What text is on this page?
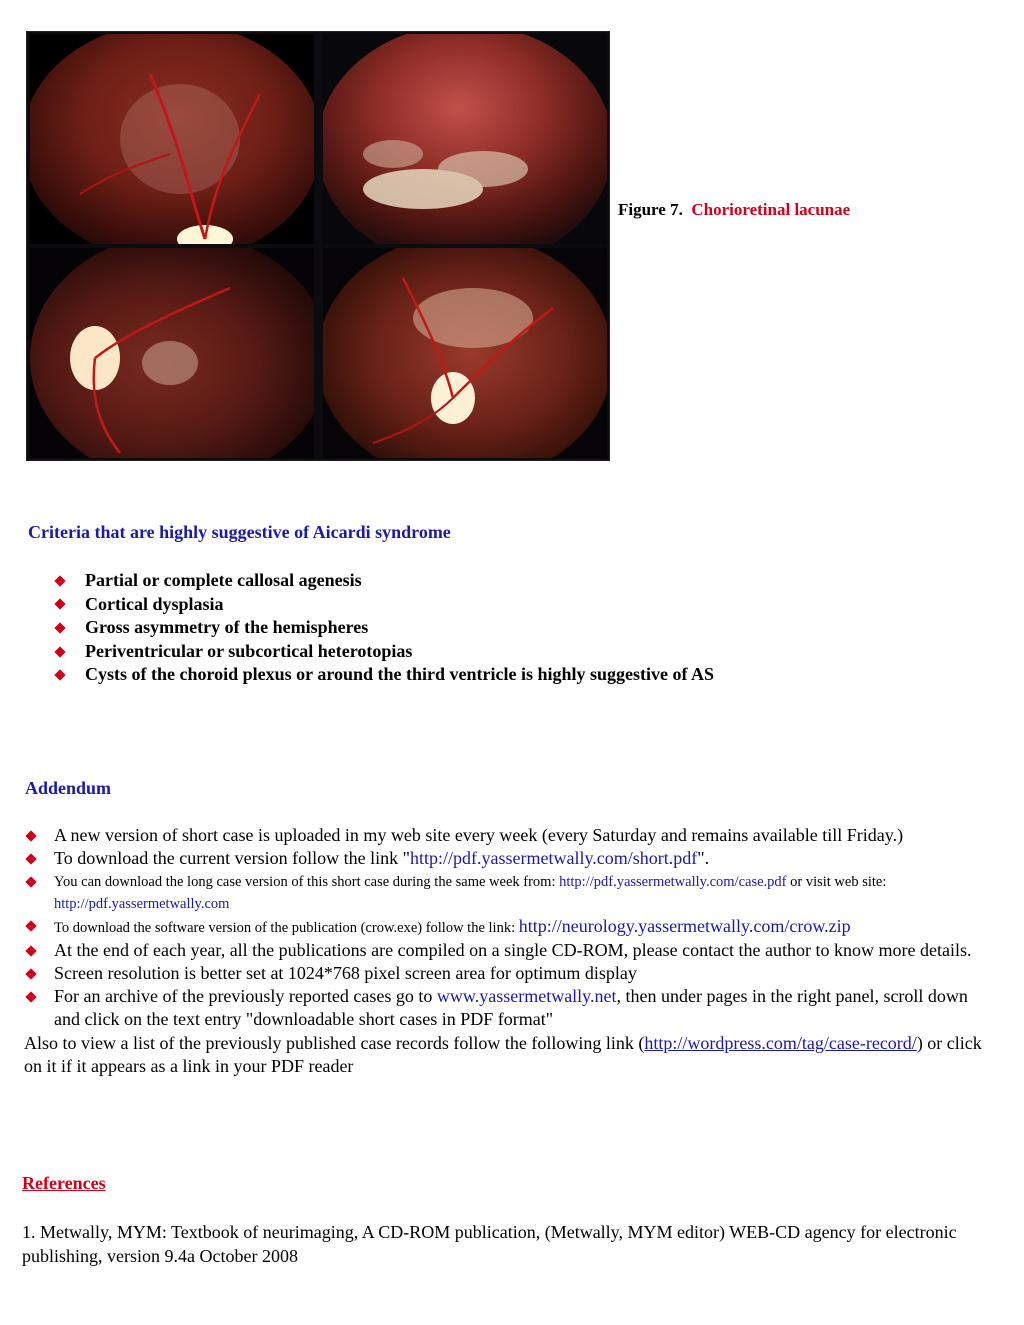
Figure 7. Chorioretinal lacunae
Criteria that are highly suggestive of Aicardi syndrome
Partial or complete callosal agenesis
Cortical dysplasia
Gross asymmetry of the hemispheres
Periventricular or subcortical heterotopias
Cysts of the choroid plexus or around the third ventricle is highly suggestive of AS
Addendum
A new version of short case is uploaded in my web site every week (every Saturday and remains available till Friday.)
To download the current version follow the link "http://pdf.yassermetwally.com/short.pdf".
You can download the long case version of this short case during the same week from: http://pdf.yassermetwally.com/case.pdf or visit web site: http://pdf.yassermetwally.com
To download the software version of the publication (crow.exe) follow the link: http://neurology.yassermetwally.com/crow.zip
At the end of each year, all the publications are compiled on a single CD-ROM, please contact the author to know more details.
Screen resolution is better set at 1024*768 pixel screen area for optimum display
For an archive of the previously reported cases go to www.yassermetwally.net, then under pages in the right panel, scroll down and click on the text entry "downloadable short cases in PDF format"
Also to view a list of the previously published case records follow the following link (http://wordpress.com/tag/case-record/) or click on it if it appears as a link in your PDF reader
References
1. Metwally, MYM: Textbook of neurimaging, A CD-ROM publication, (Metwally, MYM editor) WEB-CD agency for electronic publishing, version 9.4a October 2008
